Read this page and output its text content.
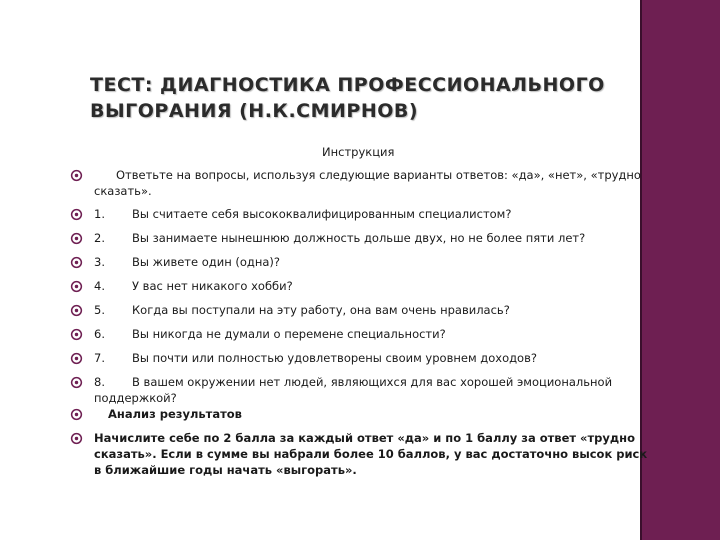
ТЕСТ: ДИАГНОСТИКА ПРОФЕССИОНАЛЬНОГО ВЫГОРАНИЯ (Н.К.СМИРНОВ)
Инструкция
Ответьте на вопросы, используя следующие варианты ответов: «да», «нет», «трудно сказать».
1. Вы считаете себя высококвалифицированным специалистом?
2. Вы занимаете нынешнюю должность дольше двух, но не более пяти лет?
3. Вы живете один (одна)?
4. У вас нет никакого хобби?
5. Когда вы поступали на эту работу, она вам очень нравилась?
6. Вы никогда не думали о перемене специальности?
7. Вы почти или полностью удовлетворены своим уровнем доходов?
8. В вашем окружении нет людей, являющихся для вас хорошей эмоциональной поддержкой?
Анализ результатов
Начислите себе по 2 балла за каждый ответ «да» и по 1 баллу за ответ «трудно сказать». Если в сумме вы набрали более 10 баллов, у вас достаточно высок риск в ближайшие годы начать «выгорать».
